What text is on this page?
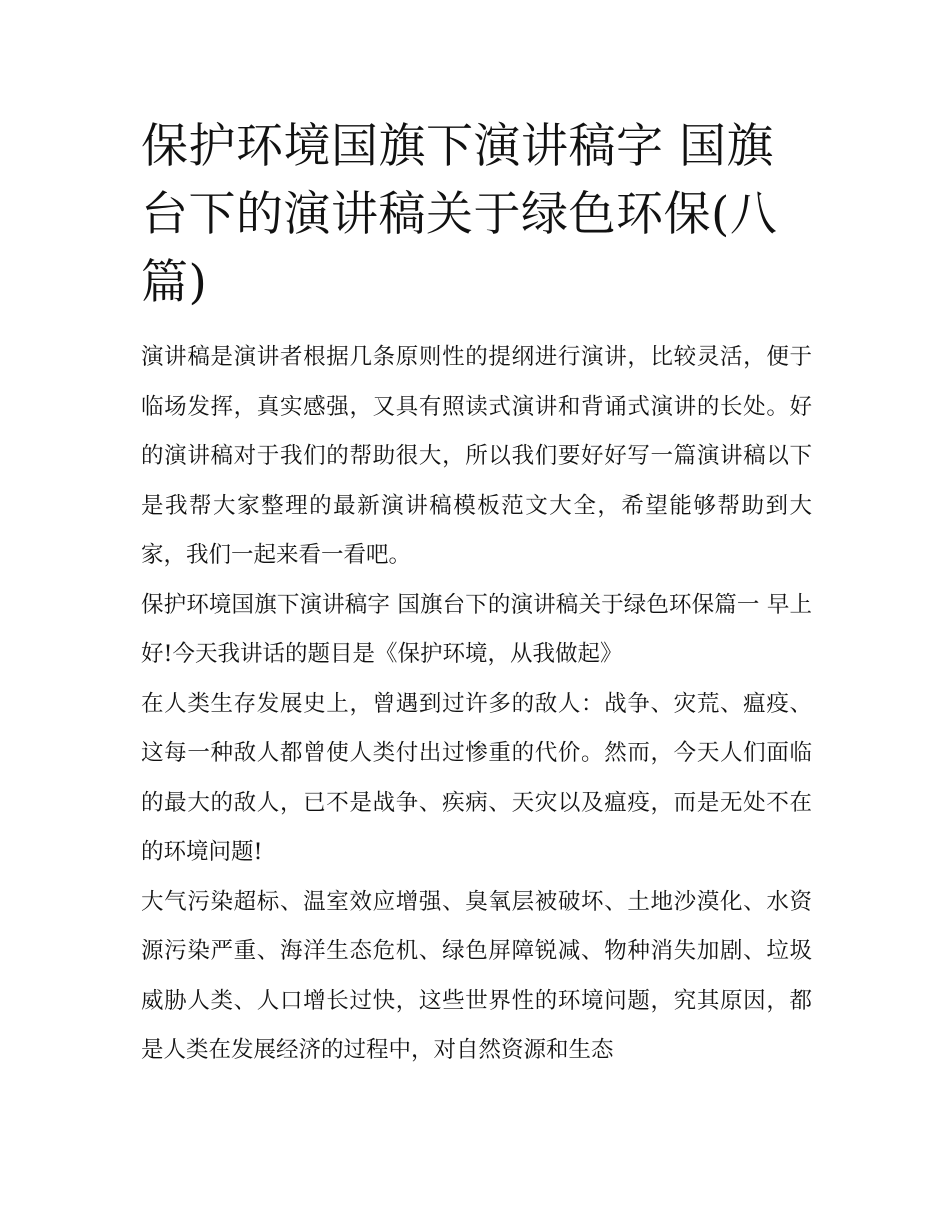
保护环境国旗下演讲稿字 国旗台下的演讲稿关于绿色环保(八篇)

演讲稿是演讲者根据几条原则性的提纲进行演讲，比较灵活，便于临场发挥，真实感强，又具有照读式演讲和背诵式演讲的长处。好的演讲稿对于我们的帮助很大，所以我们要好好写一篇演讲稿以下是我帮大家整理的最新演讲稿模板范文大全，希望能够帮助到大家，我们一起来看一看吧。

保护环境国旗下演讲稿字 国旗台下的演讲稿关于绿色环保篇一 早上好!今天我讲话的题目是《保护环境，从我做起》

在人类生存发展史上，曾遇到过许多的敌人：战争、灾荒、瘟疫、这每一种敌人都曾使人类付出过惨重的代价。然而，今天人们面临的最大的敌人，已不是战争、疾病、天灾以及瘟疫，而是无处不在的环境问题!

大气污染超标、温室效应增强、臭氧层被破坏、土地沙漠化、水资源污染严重、海洋生态危机、绿色屏障锐减、物种消失加剧、垃圾威胁人类、人口增长过快，这些世界性的环境问题，究其原因，都是人类在发展经济的过程中，对自然资源和生态
